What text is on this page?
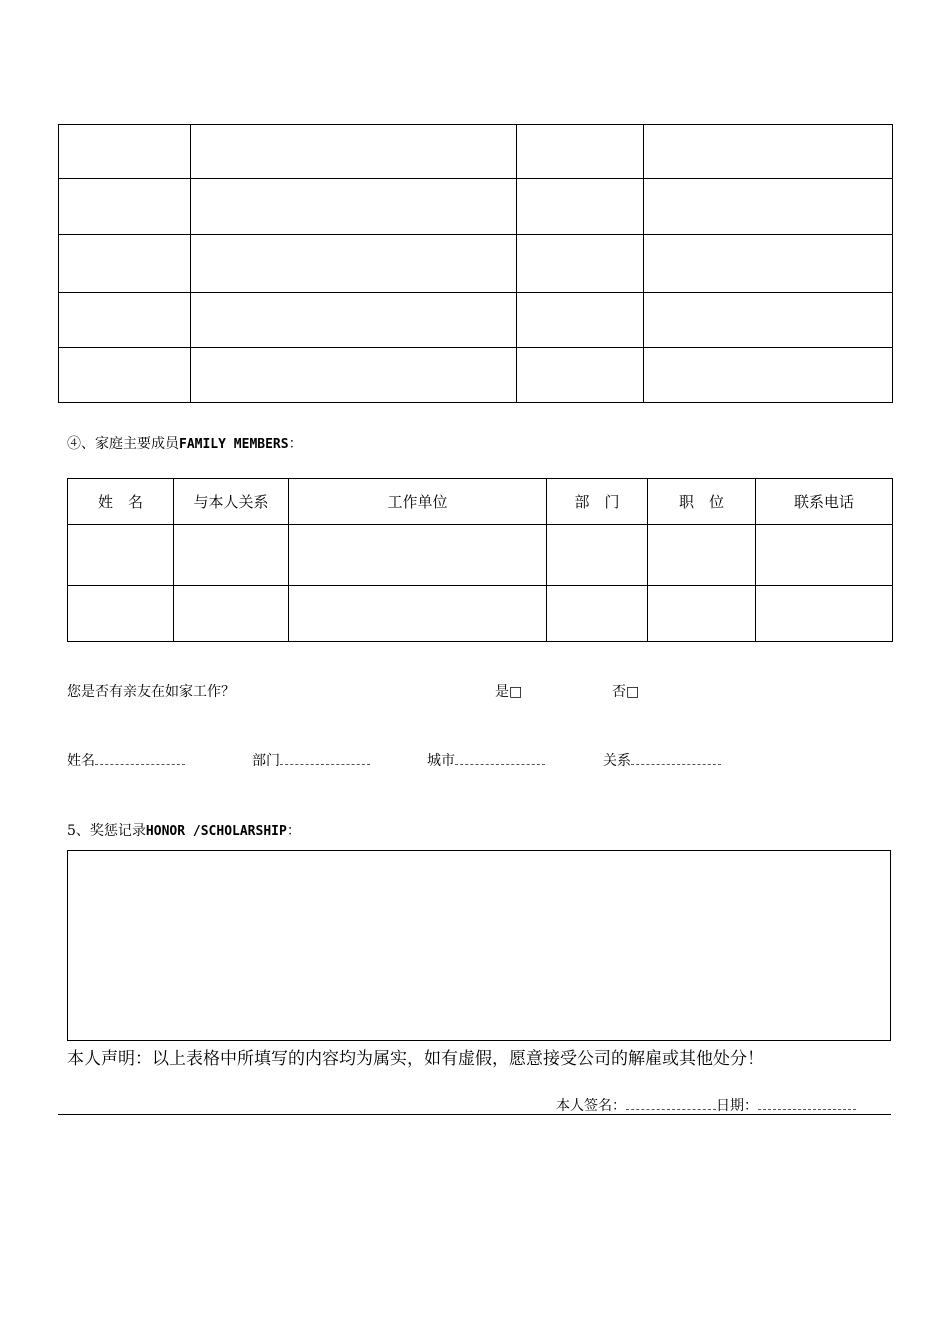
④、家庭主要成员FAMILY MEMBERS：
姓　名	与本人关系	工作单位	部　门	职　位	联系电话

您是否有亲友在如家工作？	是□	否□
姓名	部门	城市	关系
5、奖惩记录HONOR /SCHOLARSHIP：
本人声明：以上表格中所填写的内容均为属实，如有虚假，愿意接受公司的解雇或其他处分！
本人签名：	日期：
